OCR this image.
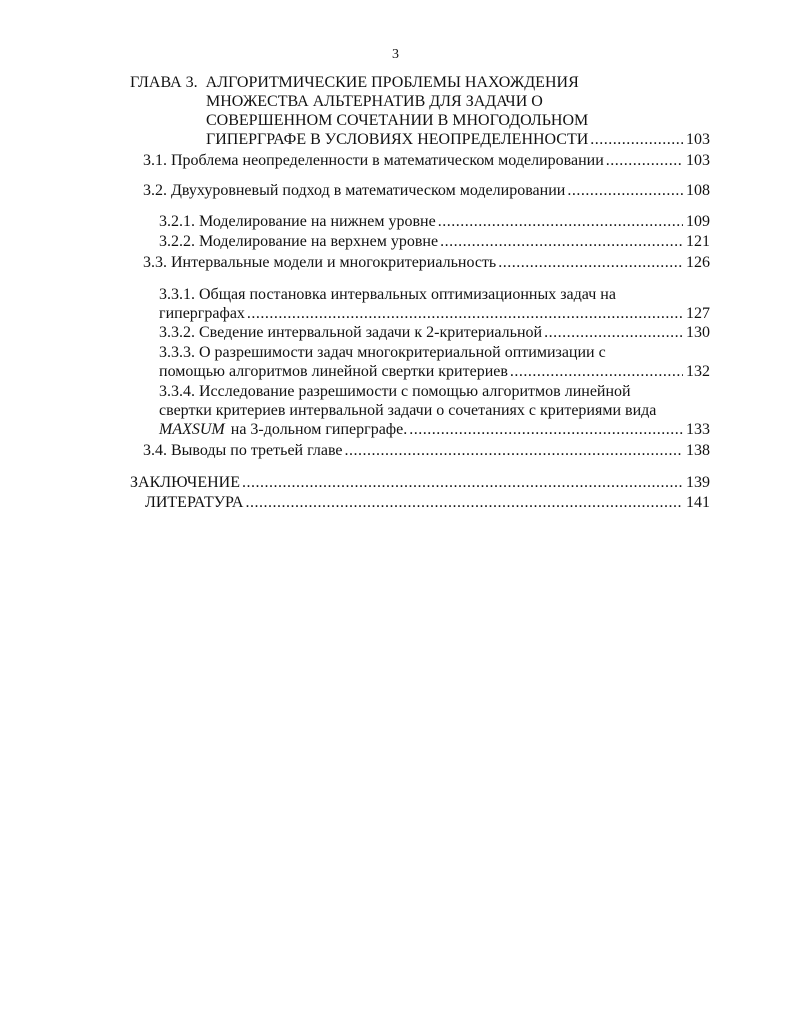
3
ГЛАВА 3. АЛГОРИТМИЧЕСКИЕ ПРОБЛЕМЫ НАХОЖДЕНИЯ
МНОЖЕСТВА АЛЬТЕРНАТИВ ДЛЯ ЗАДАЧИ О
СОВЕРШЕННОМ СОЧЕТАНИИ В МНОГОДОЛЬНОМ
ГИПЕРГРАФЕ В УСЛОВИЯХ НЕОПРЕДЕЛЕННОСТИ .....	103
3.1. Проблема неопределенности в математическом моделировании .....	103
3.2. Двухуровневый подход в математическом моделировании .....	108
3.2.1. Моделирование на нижнем уровне .....	109
3.2.2. Моделирование на верхнем уровне .....	121
3.3. Интервальные модели и многокритериальность .....	126
3.3.1. Общая постановка интервальных оптимизационных задач на
гиперграфах .....	127
3.3.2. Сведение интервальной задачи к 2-критериальной .....	130
3.3.3. О разрешимости задач многокритериальной оптимизации с
помощью алгоритмов линейной свертки критериев .....	132
3.3.4. Исследование разрешимости с помощью алгоритмов линейной
свертки критериев интервальной задачи о сочетаниях с критериями вида
MAXSUM на 3-дольном гиперграфе. .....	133
3.4. Выводы по третьей главе .....	138
ЗАКЛЮЧЕНИЕ .....	139
ЛИТЕРАТУРА .....	141
